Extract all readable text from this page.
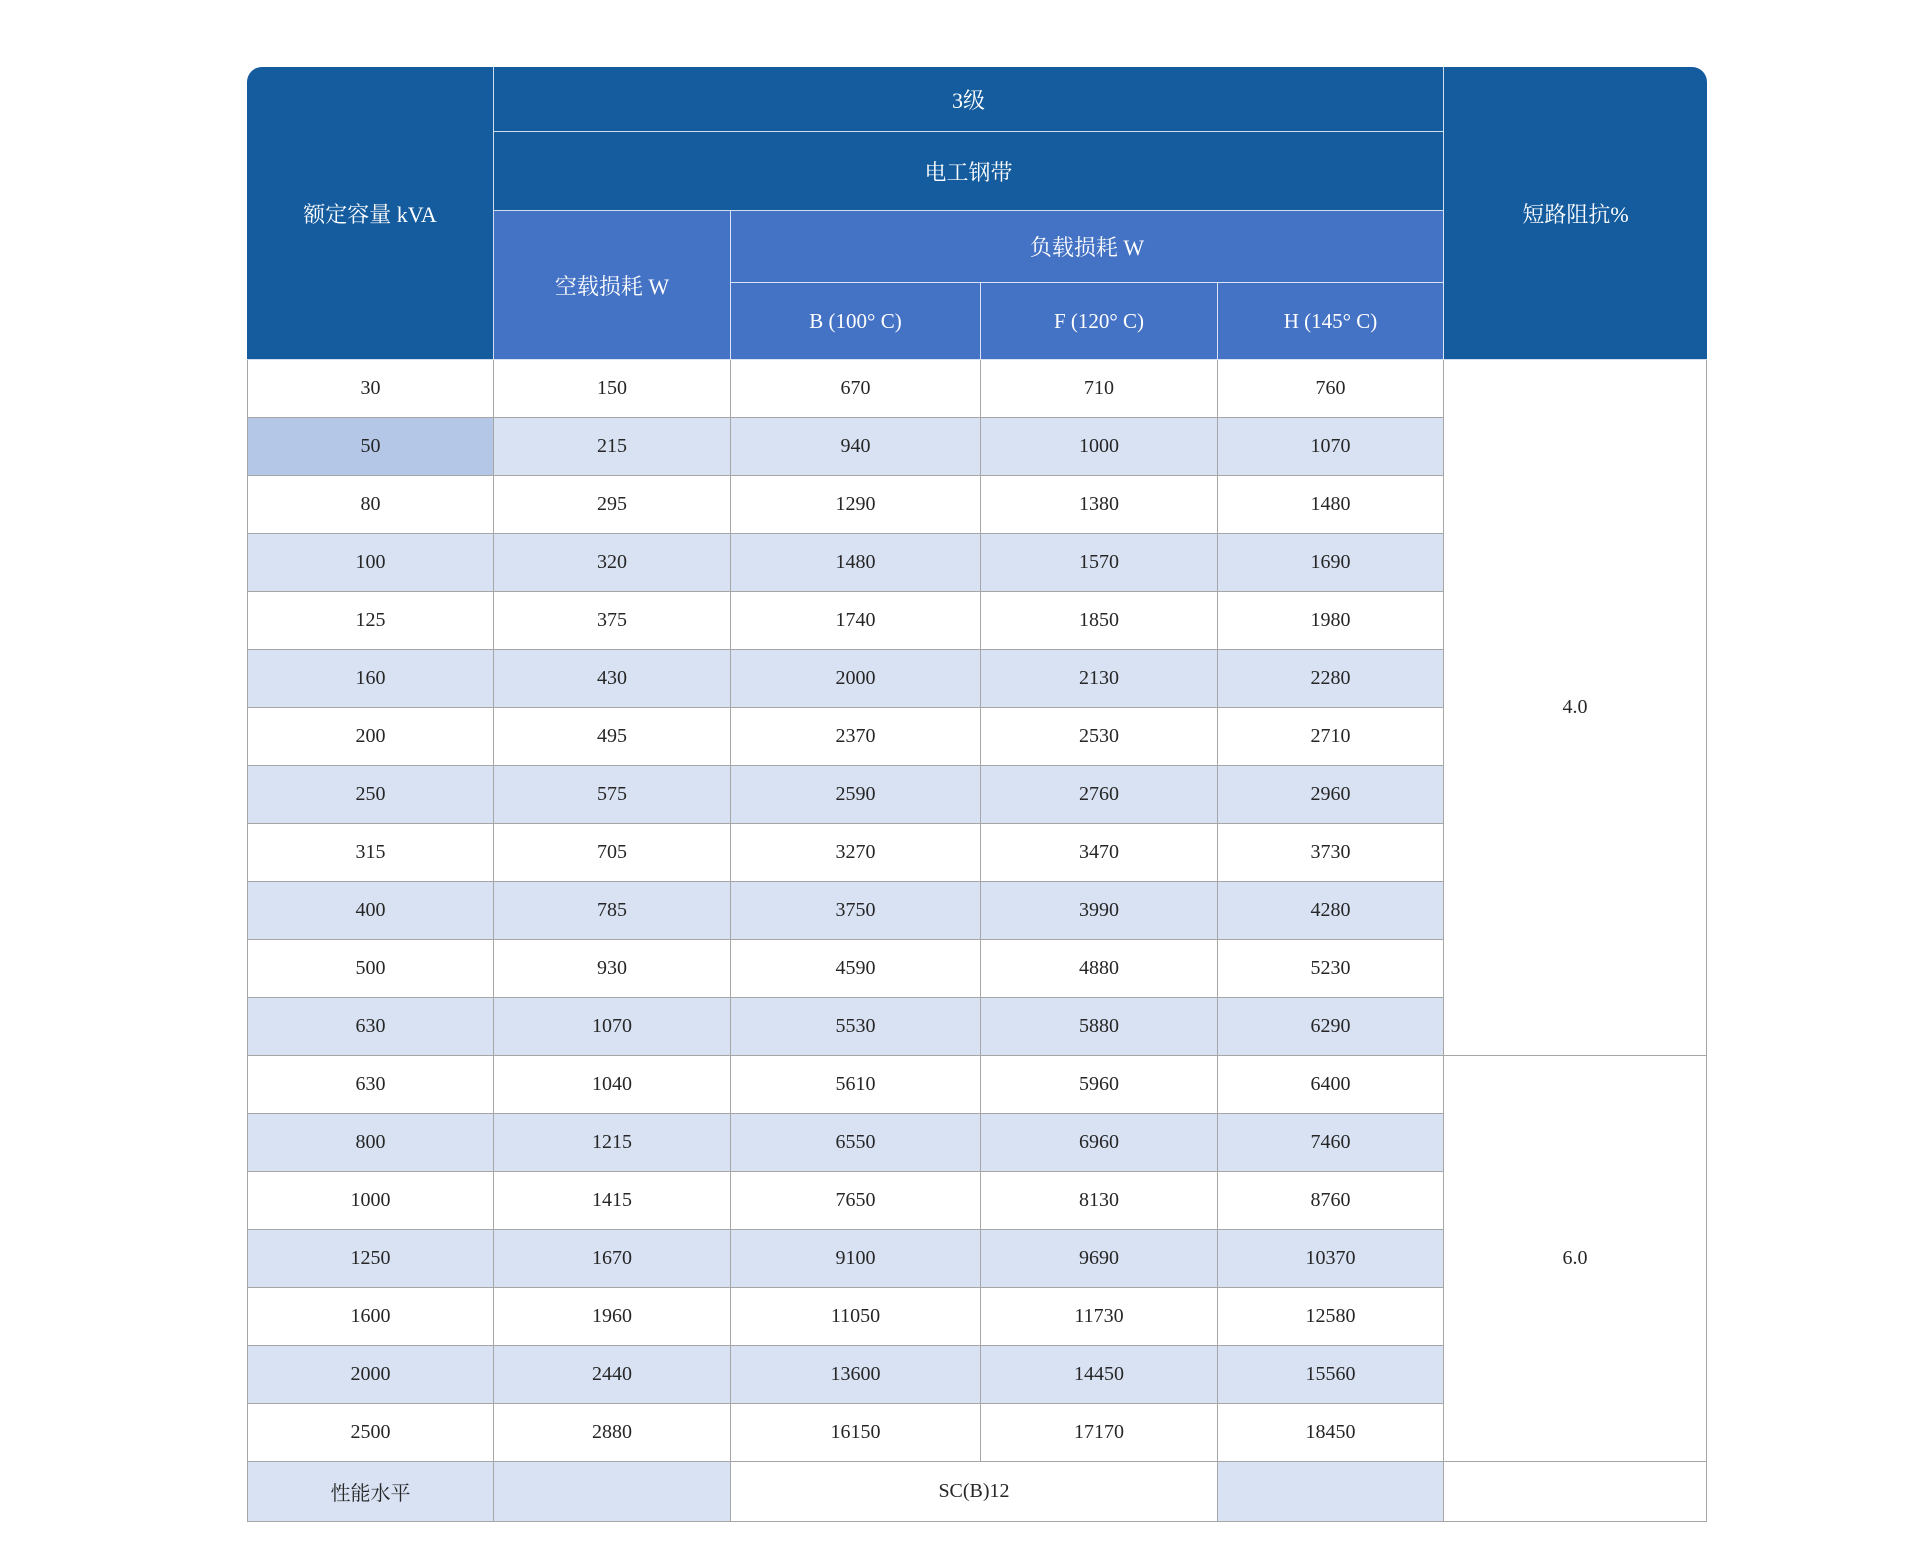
额定容量 kVA	3级				短路阻抗%
	电工钢带				
	空载损耗 W	负载损耗 W			
		B (100° C)	F (120° C)	H (145° C)	
30	150	670	710	760	4.0
50	215	940	1000	1070	
80	295	1290	1380	1480	
100	320	1480	1570	1690	
125	375	1740	1850	1980	
160	430	2000	2130	2280	
200	495	2370	2530	2710	
250	575	2590	2760	2960	
315	705	3270	3470	3730	
400	785	3750	3990	4280	
500	930	4590	4880	5230	
630	1070	5530	5880	6290	
630	1040	5610	5960	6400	6.0
800	1215	6550	6960	7460	
1000	1415	7650	8130	8760	
1250	1670	9100	9690	10370	
1600	1960	11050	11730	12580	
2000	2440	13600	14450	15560	
2500	2880	16150	17170	18450	
性能水平		SC(B)12			
